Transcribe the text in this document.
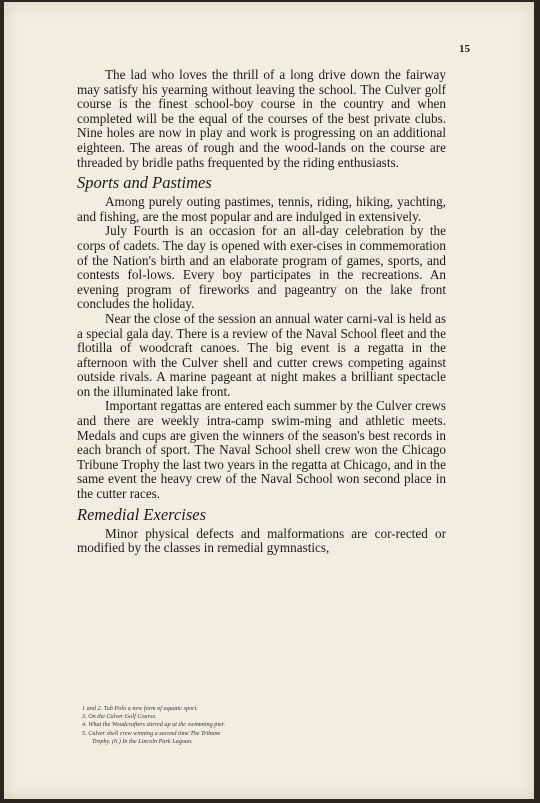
15

The lad who loves the thrill of a long drive down the fairway may satisfy his yearning without leaving the school. The Culver golf course is the finest school-boy course in the country and when completed will be the equal of the courses of the best private clubs. Nine holes are now in play and work is progressing on an additional eighteen. The areas of rough and the wood-lands on the course are threaded by bridle paths frequented by the riding enthusiasts.

Sports and Pastimes

Among purely outing pastimes, tennis, riding, hiking, yachting, and fishing, are the most popular and are indulged in extensively.

July Fourth is an occasion for an all-day celebration by the corps of cadets. The day is opened with exer-cises in commemoration of the Nation's birth and an elaborate program of games, sports, and contests fol-lows. Every boy participates in the recreations. An evening program of fireworks and pageantry on the lake front concludes the holiday.

Near the close of the session an annual water carni-val is held as a special gala day. There is a review of the Naval School fleet and the flotilla of woodcraft canoes. The big event is a regatta in the afternoon with the Culver shell and cutter crews competing against outside rivals. A marine pageant at night makes a brilliant spectacle on the illuminated lake front.

Important regattas are entered each summer by the Culver crews and there are weekly intra-camp swim-ming and athletic meets. Medals and cups are given the winners of the season's best records in each branch of sport. The Naval School shell crew won the Chicago Tribune Trophy the last two years in the regatta at Chicago, and in the same event the heavy crew of the Naval School won second place in the cutter races.

Remedial Exercises

Minor physical defects and malformations are cor-rected or modified by the classes in remedial gymnastics,

1 and 2. Tub Polo a new form of aquatic sport.
3. On the Culver Golf Course.
4. What the Woodcrafters stirred up at the swimming pier.
5. Culver shell crew winning a second time The Tribune
Trophy. (6.) In the Lincoln Park Lagoon.
